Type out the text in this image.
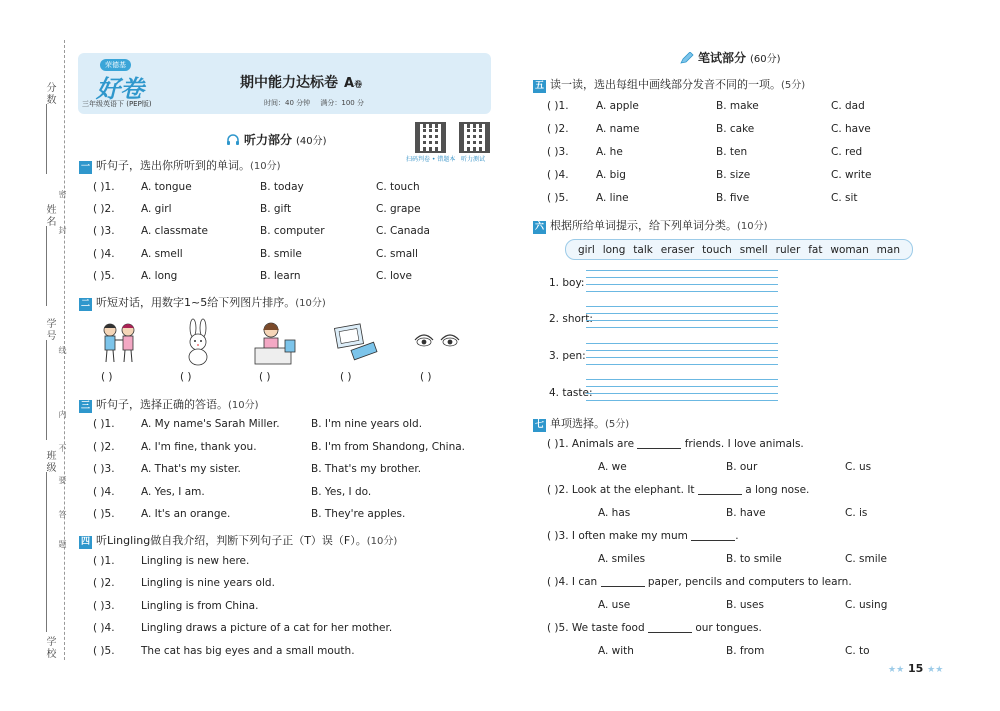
分数
姓名
学号
班级
学校
密
封
线
内
不
要
答
题
荣德基
好卷
三年级英语下 (PEP版)
期中能力达标卷 A卷
时间：40 分钟 满分：100 分
扫码判卷 • 错题本 听力测试
听力部分 (40分)
一 听句子，选出你所听到的单词。(10分)
( )1.	A. tongue	B. today	C. touch
( )2.	A. girl	B. gift	C. grape
( )3.	A. classmate	B. computer	C. Canada
( )4.	A. smell	B. smile	C. small
( )5.	A. long	B. learn	C. love
二 听短对话，用数字1~5给下列图片排序。(10分)
( )	( )	( )	( )	( )
三 听句子，选择正确的答语。(10分)
( )1.	A. My name's Sarah Miller.	B. I'm nine years old.
( )2.	A. I'm fine, thank you.	B. I'm from Shandong, China.
( )3.	A. That's my sister.	B. That's my brother.
( )4.	A. Yes, I am.	B. Yes, I do.
( )5.	A. It's an orange.	B. They're apples.
四 听Lingling做自我介绍，判断下列句子正（T）误（F）。(10分)
( )1.	Lingling is new here.
( )2.	Lingling is nine years old.
( )3.	Lingling is from China.
( )4.	Lingling draws a picture of a cat for her mother.
( )5.	The cat has big eyes and a small mouth.
笔试部分 (60分)
五 读一读，选出每组中画线部分发音不同的一项。(5分)
( )1.	A. apple	B. make	C. dad
( )2.	A. name	B. cake	C. have
( )3.	A. he	B. ten	C. red
( )4.	A. big	B. size	C. write
( )5.	A. line	B. five	C. sit
六 根据所给单词提示，给下列单词分类。(10分)
girl long talk eraser touch smell ruler fat woman man
1. boy:
2. short:
3. pen:
4. taste:
七 单项选择。(5分)
( )1. Animals are	friends. I love animals.
A. we	B. our	C. us
( )2. Look at the elephant. It	a long nose.
A. has	B. have	C. is
( )3. I often make my mum	.
A. smiles	B. to smile	C. smile
( )4. I can	paper, pencils and computers to learn.
A. use	B. uses	C. using
( )5. We taste food	our tongues.
A. with	B. from	C. to
★★ 15 ★★
